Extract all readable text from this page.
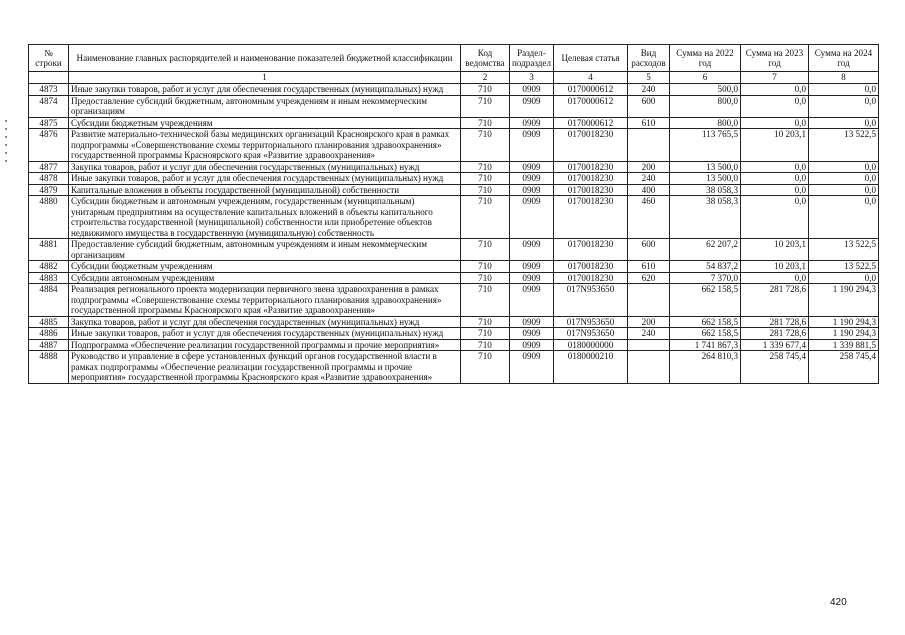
№ строки	Наименование главных распорядителей и наименование показателей бюджетной классификации	Код ведомства	Раздел-подраздел	Целевая статья	Вид расходов	Сумма на 2022 год	Сумма на 2023 год	Сумма на 2024 год
	1	2	3	4	5	6	7	8
4873	Иные закупки товаров, работ и услуг для обеспечения государственных (муниципальных) нужд	710	0909	0170000612	240	500,0	0,0	0,0
4874	Предоставление субсидий бюджетным, автономным учреждениям и иным некоммерческим организациям	710	0909	0170000612	600	800,0	0,0	0,0
4875	Субсидии бюджетным учреждениям	710	0909	0170000612	610	800,0	0,0	0,0
4876	Развитие материально-технической базы медицинских организаций Красноярского края в рамках подпрограммы «Совершенствование схемы территориального планирования здравоохранения» государственной программы Красноярского края «Развитие здравоохранения»	710	0909	0170018230		113 765,5	10 203,1	13 522,5
4877	Закупка товаров, работ и услуг для обеспечения государственных (муниципальных) нужд	710	0909	0170018230	200	13 500,0	0,0	0,0
4878	Иные закупки товаров, работ и услуг для обеспечения государственных (муниципальных) нужд	710	0909	0170018230	240	13 500,0	0,0	0,0
4879	Капитальные вложения в объекты государственной (муниципальной) собственности	710	0909	0170018230	400	38 058,3	0,0	0,0
4880	Субсидии бюджетным и автономным учреждениям, государственным (муниципальным) унитарным предприятиям на осуществление капитальных вложений в объекты капитального строительства государственной (муниципальной) собственности или приобретение объектов недвижимого имущества в государственную (муниципальную) собственность	710	0909	0170018230	460	38 058,3	0,0	0,0
4881	Предоставление субсидий бюджетным, автономным учреждениям и иным некоммерческим организациям	710	0909	0170018230	600	62 207,2	10 203,1	13 522,5
4882	Субсидии бюджетным учреждениям	710	0909	0170018230	610	54 837,2	10 203,1	13 522,5
4883	Субсидии автономным учреждениям	710	0909	0170018230	620	7 370,0	0,0	0,0
4884	Реализация регионального проекта модернизации первичного звена здравоохранения в рамках подпрограммы «Совершенствование схемы территориального планирования здравоохранения» государственной программы Красноярского края «Развитие здравоохранения»	710	0909	017N953650		662 158,5	281 728,6	1 190 294,3
4885	Закупка товаров, работ и услуг для обеспечения государственных (муниципальных) нужд	710	0909	017N953650	200	662 158,5	281 728,6	1 190 294,3
4886	Иные закупки товаров, работ и услуг для обеспечения государственных (муниципальных) нужд	710	0909	017N953650	240	662 158,5	281 728,6	1 190 294,3
4887	Подпрограмма «Обеспечение реализации государственной программы и прочие мероприятия»	710	0909	0180000000		1 741 867,3	1 339 677,4	1 339 881,5
4888	Руководство и управление в сфере установленных функций органов государственной власти в рамках подпрограммы «Обеспечение реализации государственной программы и прочие мероприятия» государственной программы Красноярского края «Развитие здравоохранения»	710	0909	0180000210		264 810,3	258 745,4	258 745,4
420
